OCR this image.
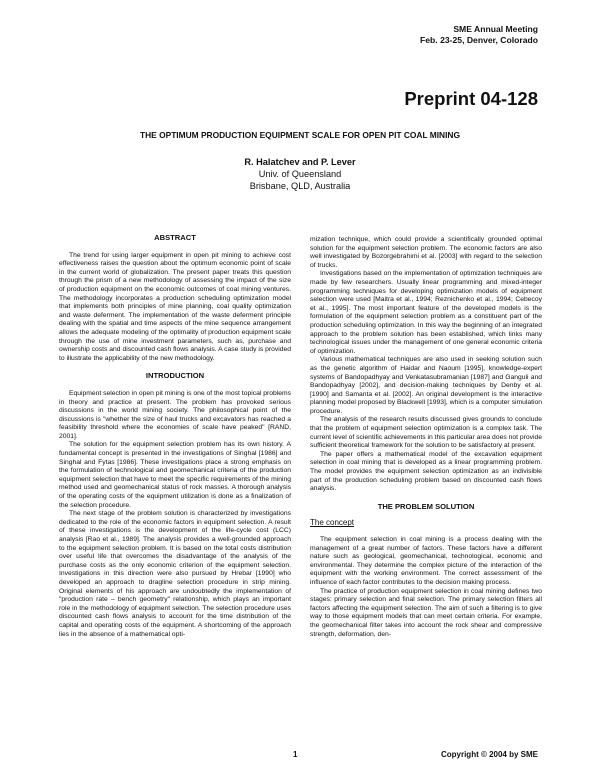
SME Annual Meeting
Feb. 23-25, Denver, Colorado
Preprint 04-128
THE OPTIMUM PRODUCTION EQUIPMENT SCALE FOR OPEN PIT COAL MINING
R. Halatchev and P. Lever
Univ. of Queensland
Brisbane, QLD, Australia
ABSTRACT

The trend for using larger equipment in open pit mining to achieve cost effectiveness raises the question about the optimum economic point of scale in the current world of globalization. The present paper treats this question through the prism of a new methodology of assessing the impact of the size of production equipment on the economic outcomes of coal mining ventures. The methodology incorporates a production scheduling optimization model that implements both principles of mine planning, coal quality optimization and waste deferment. The implementation of the waste deferment principle dealing with the spatial and time aspects of the mine sequence arrangement allows the adequate modeling of the optimality of production equipment scale through the use of mine investment parameters, such as, purchase and ownership costs and discounted cash flows analysis. A case study is provided to illustrate the applicability of the new methodology.

INTRODUCTION

Equipment selection in open pit mining is one of the most topical problems in theory and practice at present. The problem has provoked serious discussions in the world mining society. The philosophical point of the discussions is "whether the size of haul trucks and excavators has reached a feasibility threshold where the economies of scale have peaked" [RAND, 2001].

The solution for the equipment selection problem has its own history. A fundamental concept is presented in the investigations of Singhal [1986] and Singhal and Fytas [1986]. These investigations place a strong emphasis on the formulation of technological and geomechanical criteria of the production equipment selection that have to meet the specific requirements of the mining method used and geomechanical status of rock masses. A thorough analysis of the operating costs of the equipment utilization is done as a finalization of the selection procedure.

The next stage of the problem solution is characterized by investigations dedicated to the role of the economic factors in equipment selection. A result of these investigations is the development of the life-cycle cost (LCC) analysis [Rao et al., 1989]. The analysis provides a well-grounded approach to the equipment selection problem. It is based on the total costs distribution over useful life that overcomes the disadvantage of the analysis of the purchase costs as the only economic criterion of the equipment selection. Investigations in this direction were also pursued by Hrebar [1990] who developed an approach to dragline selection procedure in strip mining. Original elements of his approach are undoubtedly the implementation of "production rate – bench geometry" relationship, which plays an important role in the methodology of equipment selection. The selection procedure uses discounted cash flows analysis to account for the time distribution of the capital and operating costs of the equipment. A shortcoming of the approach lies in the absence of a mathematical opti-

mization technique, which could provide a scientifically grounded optimal solution for the equipment selection problem. The economic factors are also well investigated by Bozorgebrahimi et al. [2003] with regard to the selection of trucks.

Investigations based on the implementation of optimization techniques are made by few researchers. Usually linear programming and mixed-integer programming techniques for developing optimization models of equipment selection were used [Maitra et al., 1994; Reznichenko et al., 1994; Cebecoy et al., 1995]. The most important feature of the developed models is the formulation of the equipment selection problem as a constituent part of the production scheduling optimization. In this way the beginning of an integrated approach to the problem solution has been established, which links many technological issues under the management of one general economic criteria of optimization.

Various mathematical techniques are also used in seeking solution such as the genetic algorithm of Haidar and Naoum [1995], knowledge-expert systems of Bandopadhyay and Venkatasubramanian [1987] and Ganguli and Bandopadhyay [2002], and decision-making techniques by Denby et al. [1990] and Samanta et al. [2002]. An original development is the interactive planning model proposed by Blackwell [1993], which is a computer simulation procedure.

The analysis of the research results discussed gives grounds to conclude that the problem of equipment selection optimization is a complex task. The current level of scientific achievements in this particular area does not provide sufficient theoretical framework for the solution to be satisfactory at present.

The paper offers a mathematical model of the excavation equipment selection in coal mining that is developed as a linear programming problem. The model provides the equipment selection optimization as an indivisible part of the production scheduling problem based on discounted cash flows analysis.

THE PROBLEM SOLUTION
The concept

The equipment selection in coal mining is a process dealing with the management of a great number of factors. These factors have a different nature such as geological, geomechanical, technological, economic and environmental. They determine the complex picture of the interaction of the equipment with the working environment. The correct assessment of the influence of each factor contributes to the decision making process.

The practice of production equipment selection in coal mining defines two stages: primary selection and final selection. The primary selection filters all factors affecting the equipment selection. The aim of such a filtering is to give way to those equipment models that can meet certain criteria. For example, the geomechanical filter takes into account the rock shear and compressive strength, deformation, den-

1	Copyright © 2004 by SME
